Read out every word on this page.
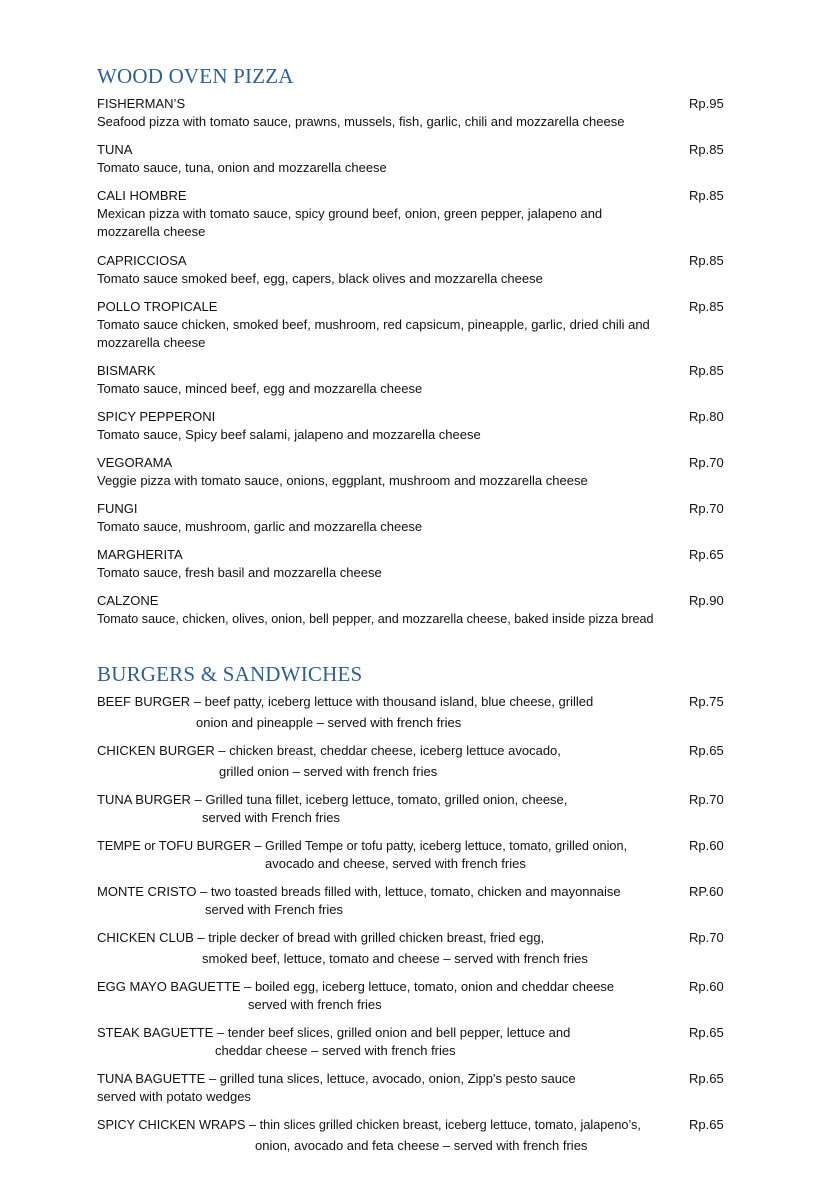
WOOD OVEN PIZZA
FISHERMAN’S
Seafood pizza with tomato sauce, prawns, mussels, fish, garlic, chili and mozzarella cheese
Rp.95
TUNA
Tomato sauce, tuna, onion and mozzarella cheese
Rp.85
CALI HOMBRE
Mexican pizza with tomato sauce, spicy ground beef, onion, green pepper, jalapeno and mozzarella cheese
Rp.85
CAPRICCIOSA
Tomato sauce smoked beef, egg, capers, black olives and mozzarella cheese
Rp.85
POLLO TROPICALE
Tomato sauce chicken, smoked beef, mushroom, red capsicum, pineapple, garlic, dried chili and mozzarella cheese
Rp.85
BISMARK
Tomato sauce, minced beef, egg and mozzarella cheese
Rp.85
SPICY PEPPERONI
Tomato sauce, Spicy beef salami, jalapeno and mozzarella cheese
Rp.80
VEGORAMA
Veggie pizza with tomato sauce, onions, eggplant, mushroom and mozzarella cheese
Rp.70
FUNGI
Tomato sauce, mushroom, garlic and mozzarella cheese
Rp.70
MARGHERITA
Tomato sauce, fresh basil and mozzarella cheese
Rp.65
CALZONE
Tomato sauce, chicken, olives, onion, bell pepper, and mozzarella cheese, baked inside pizza bread
Rp.90
BURGERS & SANDWICHES
BEEF BURGER – beef patty, iceberg lettuce with thousand island, blue cheese, grilled
onion and pineapple – served with french fries
Rp.75
CHICKEN BURGER – chicken breast, cheddar cheese, iceberg lettuce avocado,
grilled onion – served with french fries
Rp.65
TUNA BURGER – Grilled tuna fillet, iceberg lettuce, tomato, grilled onion, cheese,
served with French fries
Rp.70
TEMPE or TOFU BURGER – Grilled Tempe or tofu patty, iceberg lettuce, tomato, grilled onion,
avocado and cheese, served with french fries
Rp.60
MONTE CRISTO – two toasted breads filled with, lettuce, tomato, chicken and mayonnaise
served with French fries
RP.60
CHICKEN CLUB – triple decker of bread with grilled chicken breast, fried egg,
smoked beef, lettuce, tomato and cheese – served with french fries
Rp.70
EGG MAYO BAGUETTE – boiled egg, iceberg lettuce, tomato, onion and cheddar cheese
served with french fries
Rp.60
STEAK BAGUETTE – tender beef slices, grilled onion and bell pepper, lettuce and
cheddar cheese – served with french fries
Rp.65
TUNA BAGUETTE – grilled tuna slices, lettuce, avocado, onion, Zipp's pesto sauce
served with potato wedges
Rp.65
SPICY CHICKEN WRAPS – thin slices grilled chicken breast, iceberg lettuce, tomato, jalapeno’s,
onion, avocado and feta cheese – served with french fries
Rp.65
